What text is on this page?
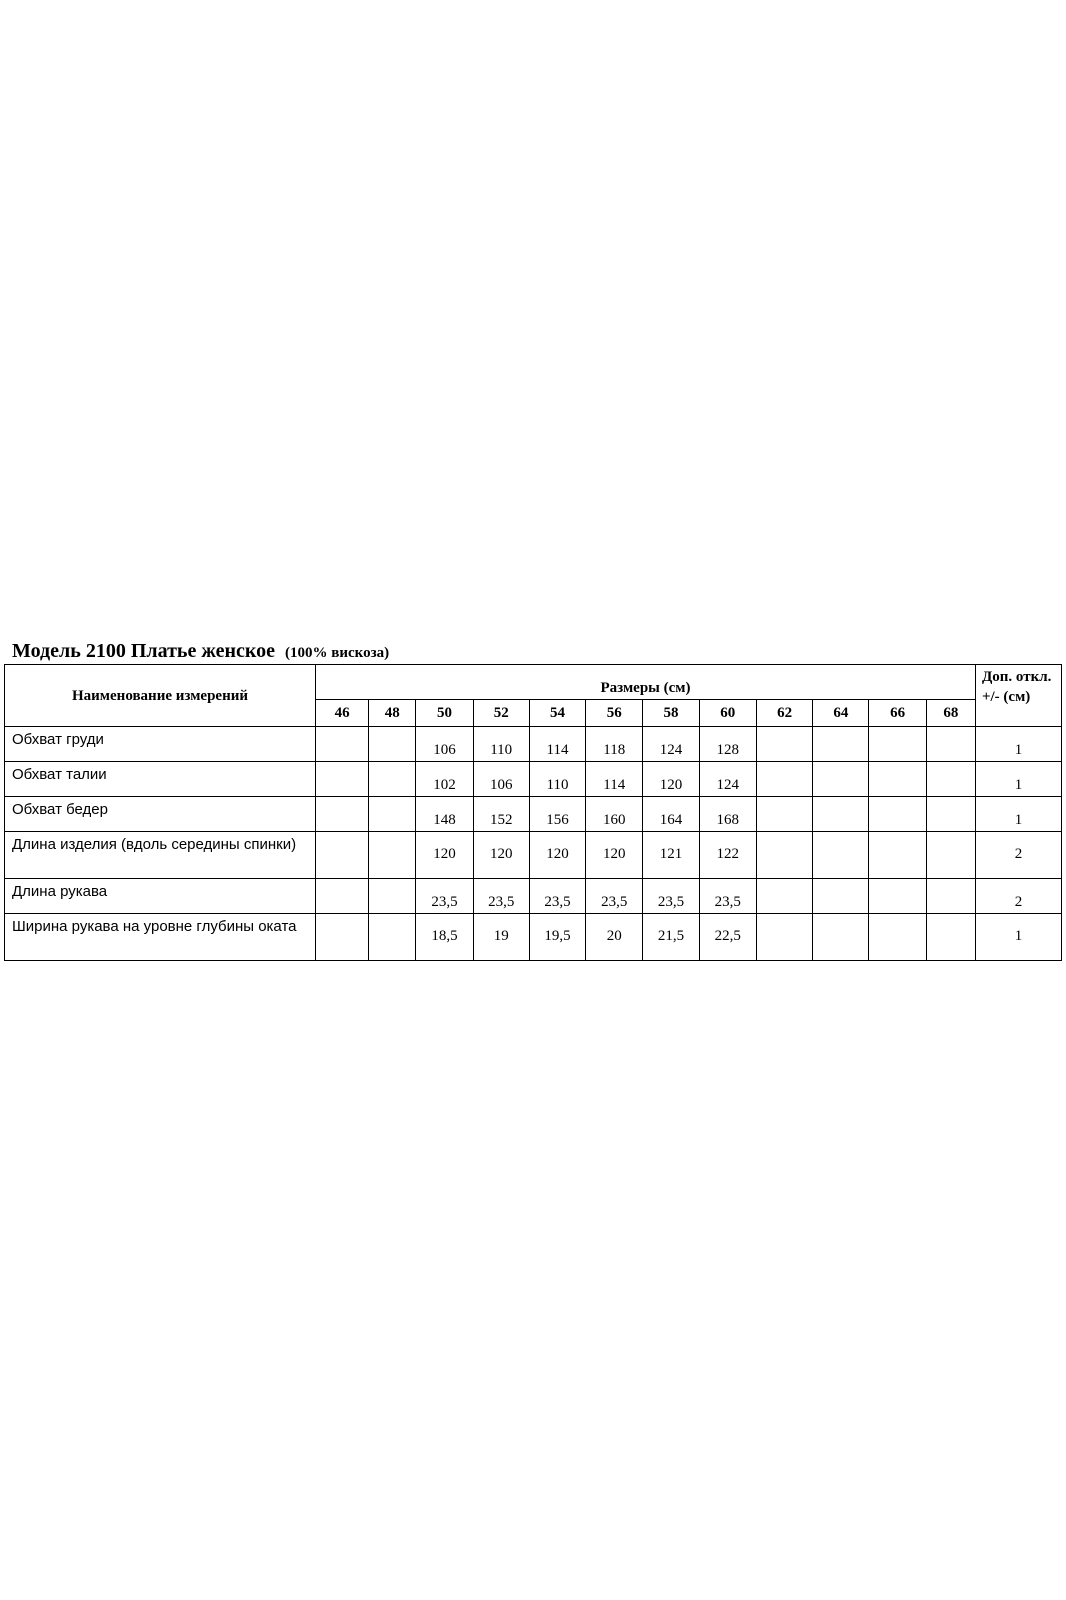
Модель 2100 Платье женское (100% вискоза)
Наименование измерений	Размеры (см)												Доп. откл. +/- (см)
	46	48	50	52	54	56	58	60	62	64	66	68	
Обхват груди			106	110	114	118	124	128					1
Обхват талии			102	106	110	114	120	124					1
Обхват бедер			148	152	156	160	164	168					1
Длина изделия (вдоль середины спинки)			120	120	120	120	121	122					2
Длина рукава			23,5	23,5	23,5	23,5	23,5	23,5					2
Ширина рукава на уровне глубины оката			18,5	19	19,5	20	21,5	22,5					1
